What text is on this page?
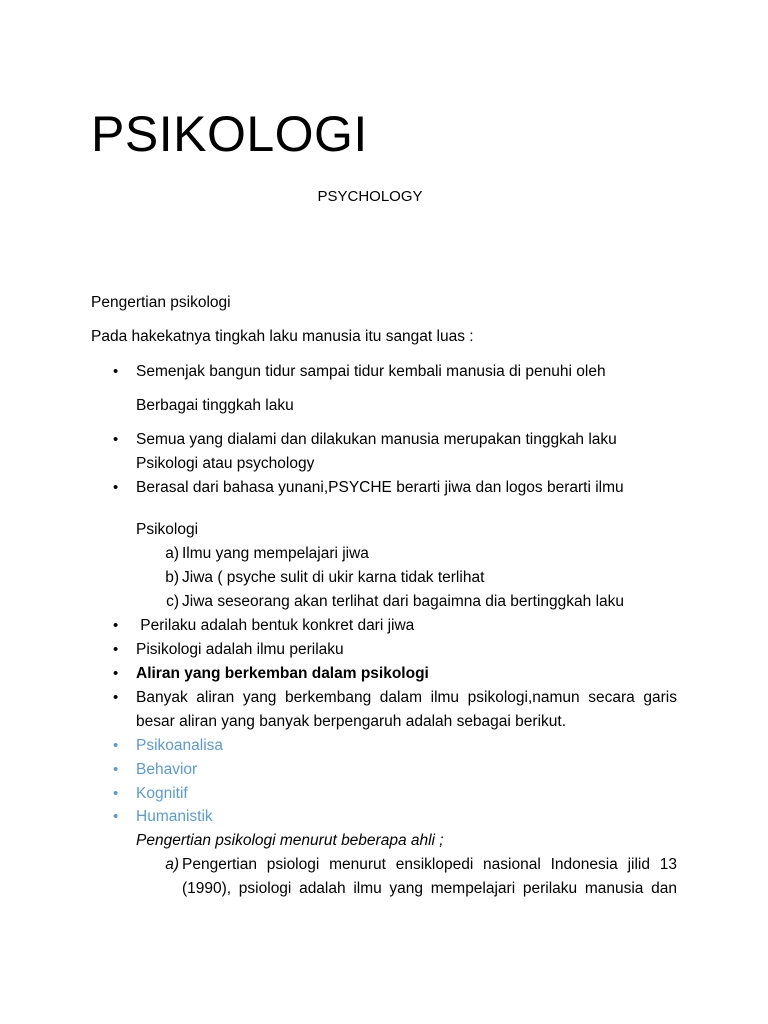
PSIKOLOGI
PSYCHOLOGY
Pengertian psikologi
Pada hakekatnya tingkah laku manusia itu sangat luas :
• Semenjak bangun tidur sampai tidur kembali manusia di penuhi oleh
Berbagai tinggkah laku
• Semua yang dialami dan dilakukan manusia merupakan tinggkah laku
Psikologi atau psychology
• Berasal dari bahasa yunani,PSYCHE berarti jiwa dan logos berarti ilmu
Psikologi
a) Ilmu yang mempelajari jiwa
b) Jiwa ( psyche sulit di ukir karna tidak terlihat
c) Jiwa seseorang akan terlihat dari bagaimna dia bertinggkah laku
• Perilaku adalah bentuk konkret dari jiwa
• Pisikologi adalah ilmu perilaku
• Aliran yang berkemban dalam psikologi
• Banyak aliran yang berkembang dalam ilmu psikologi,namun secara garis
besar aliran yang banyak berpengaruh adalah sebagai berikut.
• Psikoanalisa
• Behavior
• Kognitif
• Humanistik
Pengertian psikologi menurut beberapa ahli ;
a) Pengertian psiologi menurut ensiklopedi nasional Indonesia jilid 13
(1990), psiologi adalah ilmu yang mempelajari perilaku manusia dan
